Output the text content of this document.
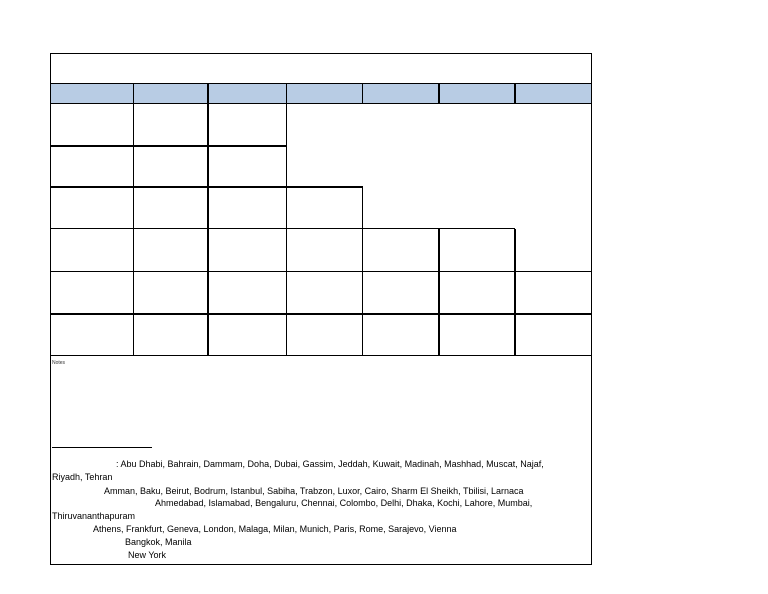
Notes
: Abu Dhabi, Bahrain, Dammam, Doha, Dubai, Gassim, Jeddah, Kuwait, Madinah, Mashhad, Muscat, Najaf,
Riyadh, Tehran
Amman, Baku, Beirut, Bodrum, Istanbul, Sabiha, Trabzon, Luxor, Cairo, Sharm El Sheikh, Tbilisi, Larnaca
Ahmedabad, Islamabad, Bengaluru, Chennai, Colombo, Delhi, Dhaka, Kochi, Lahore, Mumbai,
Thiruvananthapuram
Athens, Frankfurt, Geneva, London, Malaga, Milan, Munich, Paris, Rome, Sarajevo, Vienna
Bangkok, Manila
New York
